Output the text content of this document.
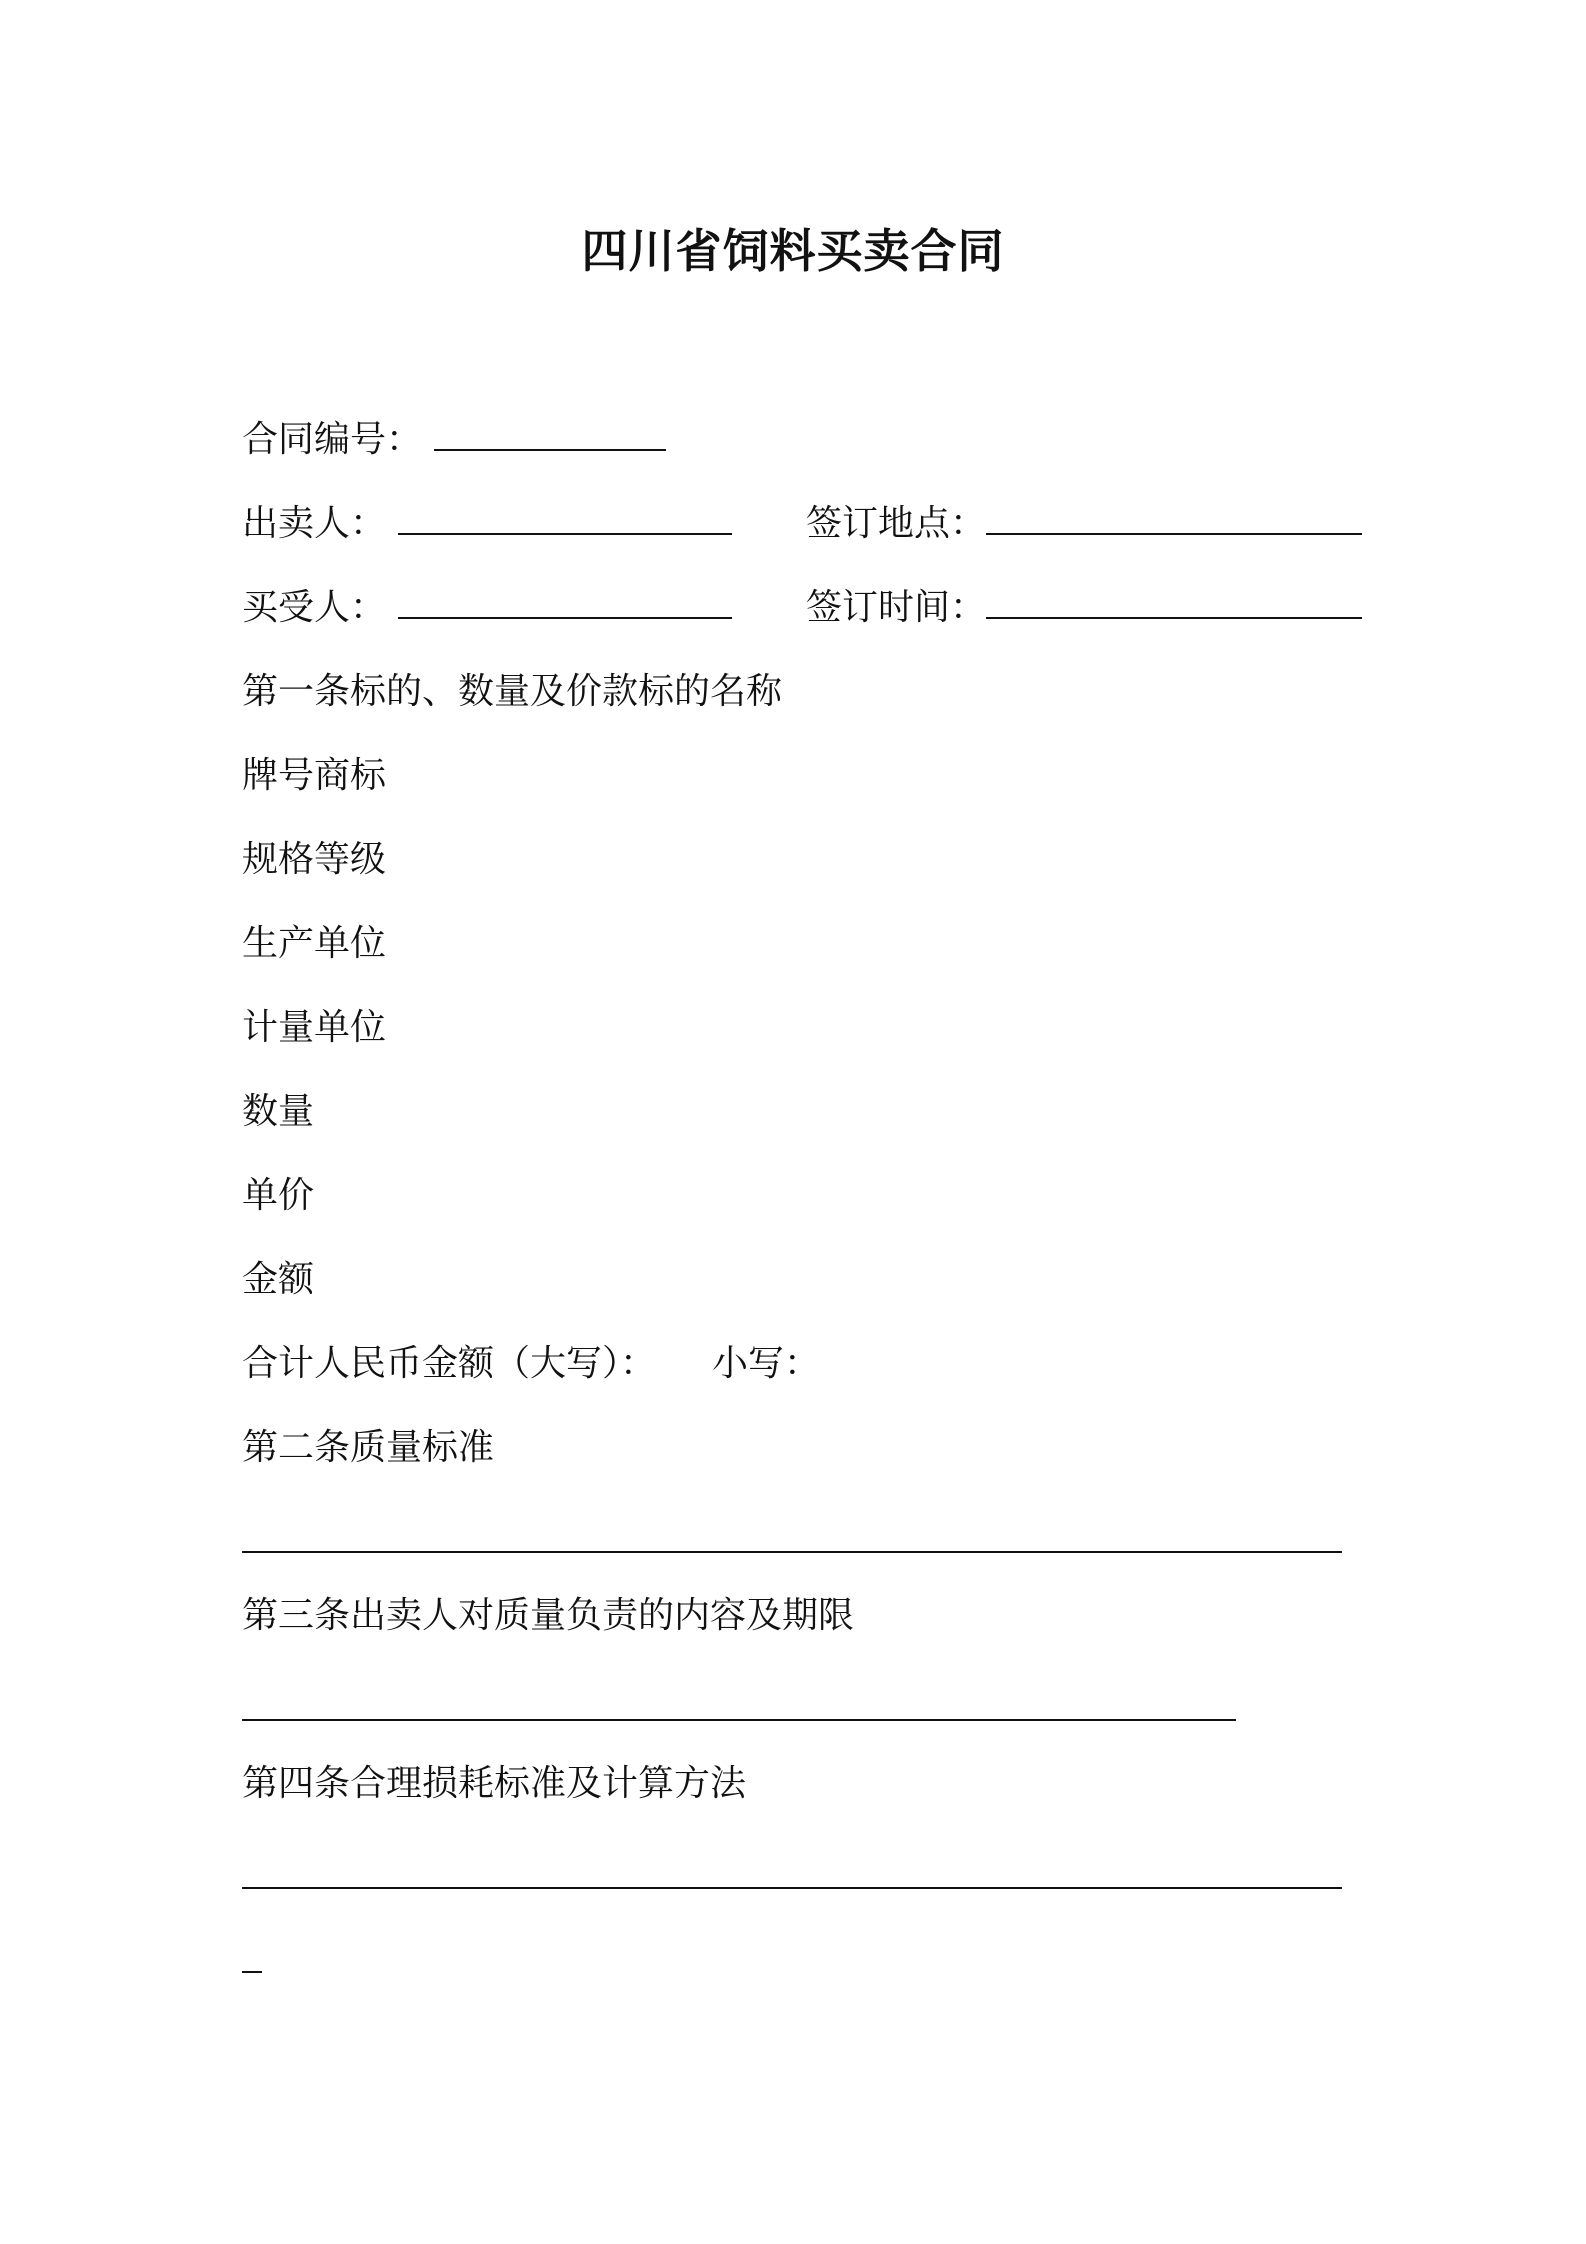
四川省饲料买卖合同
合同编号：
出卖人：	签订地点：
买受人：	签订时间：
第一条标的、数量及价款标的名称
牌号商标
规格等级
生产单位
计量单位
数量
单价
金额
合计人民币金额（大写）： 小写：
第二条质量标准
第三条出卖人对质量负责的内容及期限
第四条合理损耗标准及计算方法
